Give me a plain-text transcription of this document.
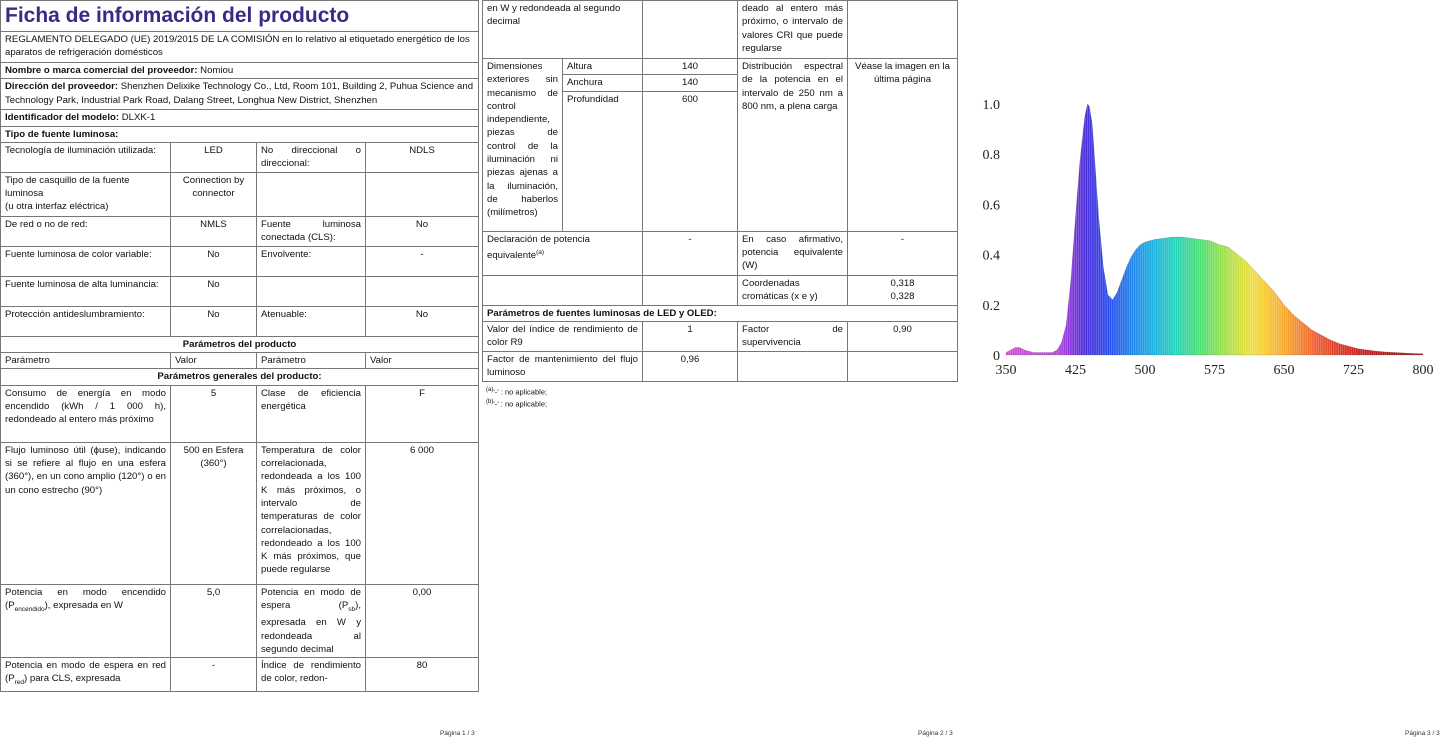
Ficha de información del producto			
REGLAMENTO DELEGADO (UE) 2019/2015 DE LA COMISIÓN en lo relativo al etiquetado energético de los aparatos de refrigeración domésticos			
Nombre o marca comercial del proveedor: Nomiou			
Dirección del proveedor: Shenzhen Delixike Technology Co., Ltd, Room 101, Building 2, Puhua Science and Technology Park, Industrial Park Road, Dalang Street, Longhua New District, Shenzhen			
Identificador del modelo: DLXK-1			
Tipo de fuente luminosa:			
Tecnología de iluminación utilizada:	LED	No direccional o direccional:	NDLS

Tipo de casquillo de la fuente luminosa
(u otra interfaz eléctrica)	Connection by connector		
De red o no de red:	NMLS	Fuente luminosa conectada (CLS):	No
Fuente luminosa de color variable:	No	Envolvente:	-
Fuente luminosa de alta luminancia:	No		
Protección antideslumbramiento:	No	Atenuable:	No
Parámetros del producto			
Parámetro	Valor	Parámetro	Valor
Parámetros generales del producto:			
Consumo de energía en modo encendido (kWh / 1 000 h), redondeado al entero más próximo	5	Clase de eficiencia energética	F
Flujo luminoso útil (ϕuse), indicando si se refiere al flujo en una esfera (360°), en un cono amplio (120°) o en un cono estrecho (90°)	500 en Esfera (360°)	Temperatura de color correlacionada, redondeada a los 100 K más próximos, o intervalo de temperaturas de color correlacionadas, redondeado a los 100 K más próximos, que puede regularse	6 000
Potencia en modo encendido $(P_{encendido})$, expresada en W	5,0	Potencia en modo de espera $(P_{sb})$, expresada en W y redondeada al segundo decimal	0,00
Potencia en modo de espera en red $(P_{red})$ para CLS, expresada	-	Índice de rendimiento de color, redon-	80
Página 1 / 3
en W y redondeada al segundo decimal			deado al entero más próximo, o intervalo de valores CRI que puede regularse	
Dimensiones exteriores sin mecanismo de control independiente, piezas de control de la iluminación ni piezas ajenas a la iluminación, de haberlos (milímetros)	Altura	140	Distribución espectral de la potencia en el intervalo de 250 nm a 800 nm, a plena carga	Véase la imagen en la última página
	Anchura	140		
	Profundidad	600		
Declaración de potencia equivalente$^{(a)}$		-	En caso afirmativo, potencia equivalente (W)	-
			Coordenadas cromáticas (x e y)	0,318
0,328

Parámetros de fuentes luminosas de LED y OLED:				
Valor del índice de rendimiento de color R9		1	Factor de supervivencia	0,90
Factor de mantenimiento del flujo luminoso		0,96		
$^{(a)}$'-' : no aplicable;
$^{(b)}$'-' : no aplicable;
Página 2 / 3
0
0.2
0.4
0.6
0.8
1.0
350	425	500	575	650	725	800
Página 3 / 3
